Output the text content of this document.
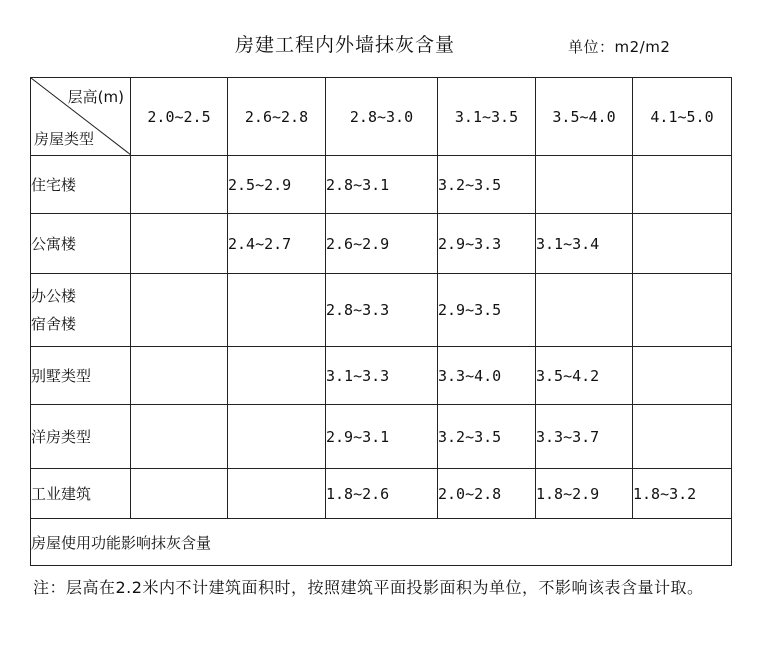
房建工程内外墙抹灰含量	单位：m2/m2
层高(m)
房屋类型	2.0~2.5	2.6~2.8	2.8~3.0	3.1~3.5	3.5~4.0	4.1~5.0
住宅楼		2.5~2.9	2.8~3.1	3.2~3.5		
公寓楼		2.4~2.7	2.6~2.9	2.9~3.3	3.1~3.4	

办公楼
宿舍楼			2.8~3.3	2.9~3.5		
别墅类型			3.1~3.3	3.3~4.0	3.5~4.2	
洋房类型			2.9~3.1	3.2~3.5	3.3~3.7	
工业建筑			1.8~2.6	2.0~2.8	1.8~2.9	1.8~3.2
房屋使用功能影响抹灰含量						
注：层高在2.2米内不计建筑面积时，按照建筑平面投影面积为单位，不影响该表含量计取。
